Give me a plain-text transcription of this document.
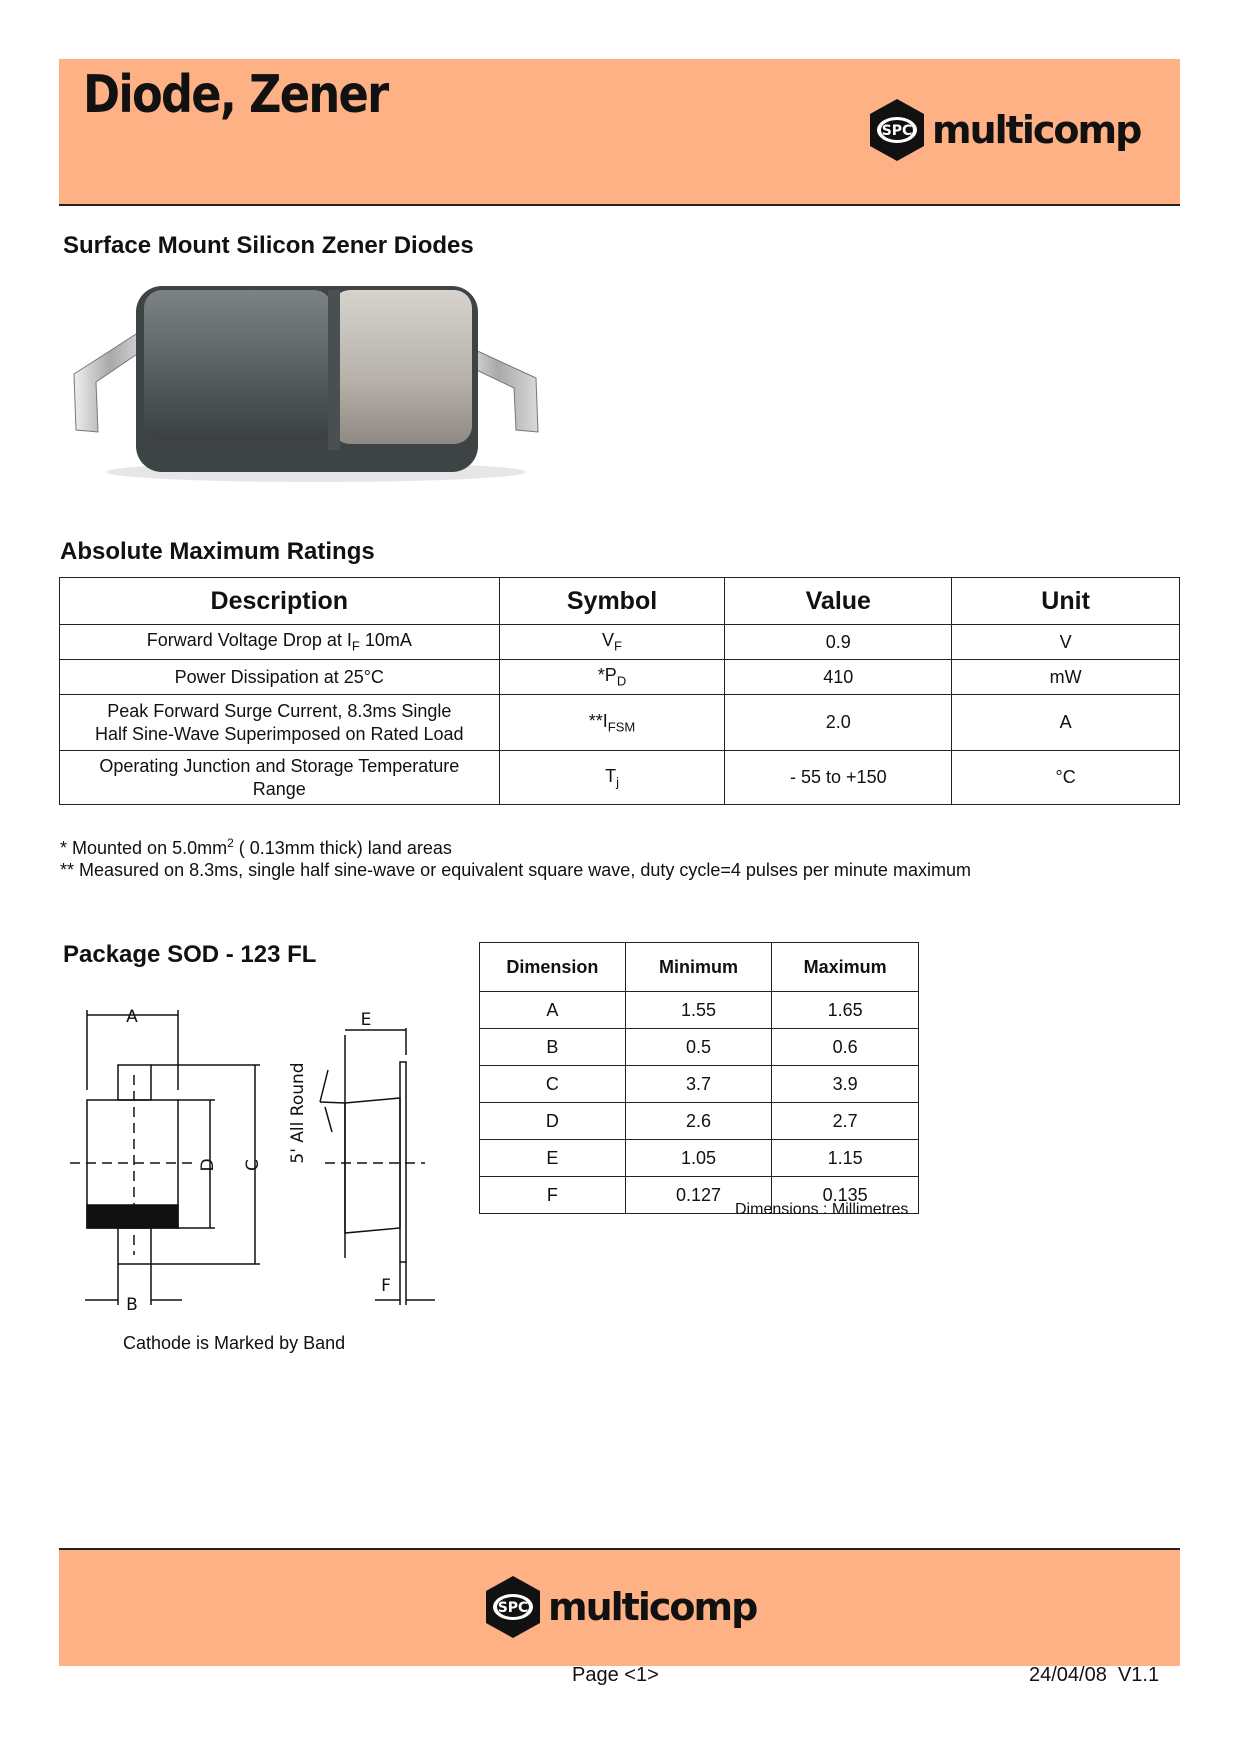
Diode, Zener
SPC multicomp
Surface Mount Silicon Zener Diodes
Absolute Maximum Ratings
Description	Symbol	Value	Unit
Forward Voltage Drop at $I_F$ 10mA	$V_F$	0.9	V
Power Dissipation at 25°C	$*P_D$	410	mW
Peak Forward Surge Current, 8.3ms Single
Half Sine-Wave Superimposed on Rated Load	$**I_{FSM}$	2.0	A
Operating Junction and Storage Temperature
Range	$T_j$	- 55 to +150	°C
* Mounted on $5.0mm^2$ ( 0.13mm thick) land areas
** Measured on 8.3ms, single half sine-wave or equivalent square wave, duty cycle=4 pulses per minute maximum
Package SOD - 123 FL
A
B
C
D
E
F
5' All Round
Cathode is Marked by Band
Dimension	Minimum	Maximum
A	1.55	1.65
B	0.5	0.6
C	3.7	3.9
D	2.6	2.7
E	1.05	1.15
F	0.127	0.135
Dimensions : Millimetres
SPC multicomp
Page <1>	24/04/08  V1.1
